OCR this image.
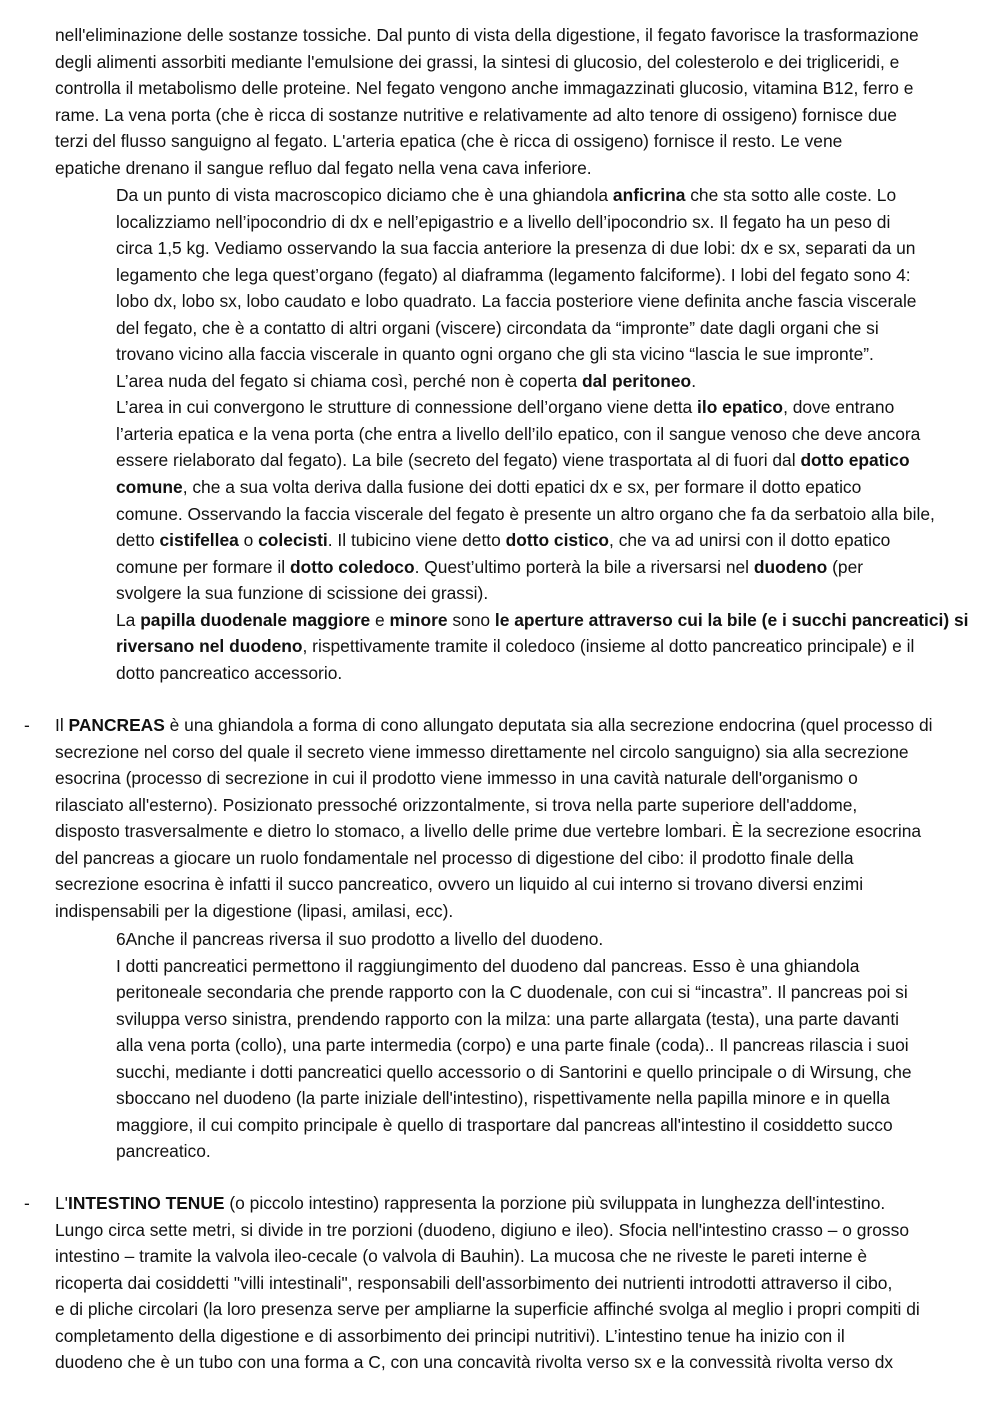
nell'eliminazione delle sostanze tossiche. Dal punto di vista della digestione, il fegato favorisce la trasformazione
degli alimenti assorbiti mediante l'emulsione dei grassi, la sintesi di glucosio, del colesterolo e dei trigliceridi, e
controlla il metabolismo delle proteine. Nel fegato vengono anche immagazzinati glucosio, vitamina B12, ferro e
rame. La vena porta (che è ricca di sostanze nutritive e relativamente ad alto tenore di ossigeno) fornisce due
terzi del flusso sanguigno al fegato. L'arteria epatica (che è ricca di ossigeno) fornisce il resto. Le vene
epatiche drenano il sangue refluo dal fegato nella vena cava inferiore.
Da un punto di vista macroscopico diciamo che è una ghiandola anficrina che sta sotto alle coste. Lo
localizziamo nell’ipocondrio di dx e nell’epigastrio e a livello dell’ipocondrio sx. Il fegato ha un peso di
circa 1,5 kg. Vediamo osservando la sua faccia anteriore la presenza di due lobi: dx e sx, separati da un
legamento che lega quest’organo (fegato) al diaframma (legamento falciforme). I lobi del fegato sono 4:
lobo dx, lobo sx, lobo caudato e lobo quadrato. La faccia posteriore viene definita anche fascia viscerale
del fegato, che è a contatto di altri organi (viscere) circondata da “impronte” date dagli organi che si
trovano vicino alla faccia viscerale in quanto ogni organo che gli sta vicino “lascia le sue impronte”.
L’area nuda del fegato si chiama così, perché non è coperta dal peritoneo.
L’area in cui convergono le strutture di connessione dell’organo viene detta ilo epatico, dove entrano
l’arteria epatica e la vena porta (che entra a livello dell’ilo epatico, con il sangue venoso che deve ancora
essere rielaborato dal fegato). La bile (secreto del fegato) viene trasportata al di fuori dal dotto epatico
comune, che a sua volta deriva dalla fusione dei dotti epatici dx e sx, per formare il dotto epatico
comune. Osservando la faccia viscerale del fegato è presente un altro organo che fa da serbatoio alla bile,
detto cistifellea o colecisti. Il tubicino viene detto dotto cistico, che va ad unirsi con il dotto epatico
comune per formare il dotto coledoco. Quest’ultimo porterà la bile a riversarsi nel duodeno (per
svolgere la sua funzione di scissione dei grassi).
La papilla duodenale maggiore e minore sono le aperture attraverso cui la bile (e i succhi pancreatici) si
riversano nel duodeno, rispettivamente tramite il coledoco (insieme al dotto pancreatico principale) e il
dotto pancreatico accessorio.
-	Il PANCREAS è una ghiandola a forma di cono allungato deputata sia alla secrezione endocrina (quel processo di
secrezione nel corso del quale il secreto viene immesso direttamente nel circolo sanguigno) sia alla secrezione
esocrina (processo di secrezione in cui il prodotto viene immesso in una cavità naturale dell'organismo o
rilasciato all'esterno). Posizionato pressoché orizzontalmente, si trova nella parte superiore dell'addome,
disposto trasversalmente e dietro lo stomaco, a livello delle prime due vertebre lombari. È la secrezione esocrina
del pancreas a giocare un ruolo fondamentale nel processo di digestione del cibo: il prodotto finale della
secrezione esocrina è infatti il succo pancreatico, ovvero un liquido al cui interno si trovano diversi enzimi
indispensabili per la digestione (lipasi, amilasi, ecc).
6Anche il pancreas riversa il suo prodotto a livello del duodeno.
I dotti pancreatici permettono il raggiungimento del duodeno dal pancreas. Esso è una ghiandola
peritoneale secondaria che prende rapporto con la C duodenale, con cui si “incastra”. Il pancreas poi si
sviluppa verso sinistra, prendendo rapporto con la milza: una parte allargata (testa), una parte davanti
alla vena porta (collo), una parte intermedia (corpo) e una parte finale (coda).. Il pancreas rilascia i suoi
succhi, mediante i dotti pancreatici quello accessorio o di Santorini e quello principale o di Wirsung, che
sboccano nel duodeno (la parte iniziale dell'intestino), rispettivamente nella papilla minore e in quella
maggiore, il cui compito principale è quello di trasportare dal pancreas all'intestino il cosiddetto succo
pancreatico.
-	L'INTESTINO TENUE (o piccolo intestino) rappresenta la porzione più sviluppata in lunghezza dell'intestino.
Lungo circa sette metri, si divide in tre porzioni (duodeno, digiuno e ileo). Sfocia nell'intestino crasso – o grosso
intestino – tramite la valvola ileo-cecale (o valvola di Bauhin). La mucosa che ne riveste le pareti interne è
ricoperta dai cosiddetti "villi intestinali", responsabili dell'assorbimento dei nutrienti introdotti attraverso il cibo,
e di pliche circolari (la loro presenza serve per ampliarne la superficie affinché svolga al meglio i propri compiti di
completamento della digestione e di assorbimento dei principi nutritivi). L’intestino tenue ha inizio con il
duodeno che è un tubo con una forma a C, con una concavità rivolta verso sx e la convessità rivolta verso dx
